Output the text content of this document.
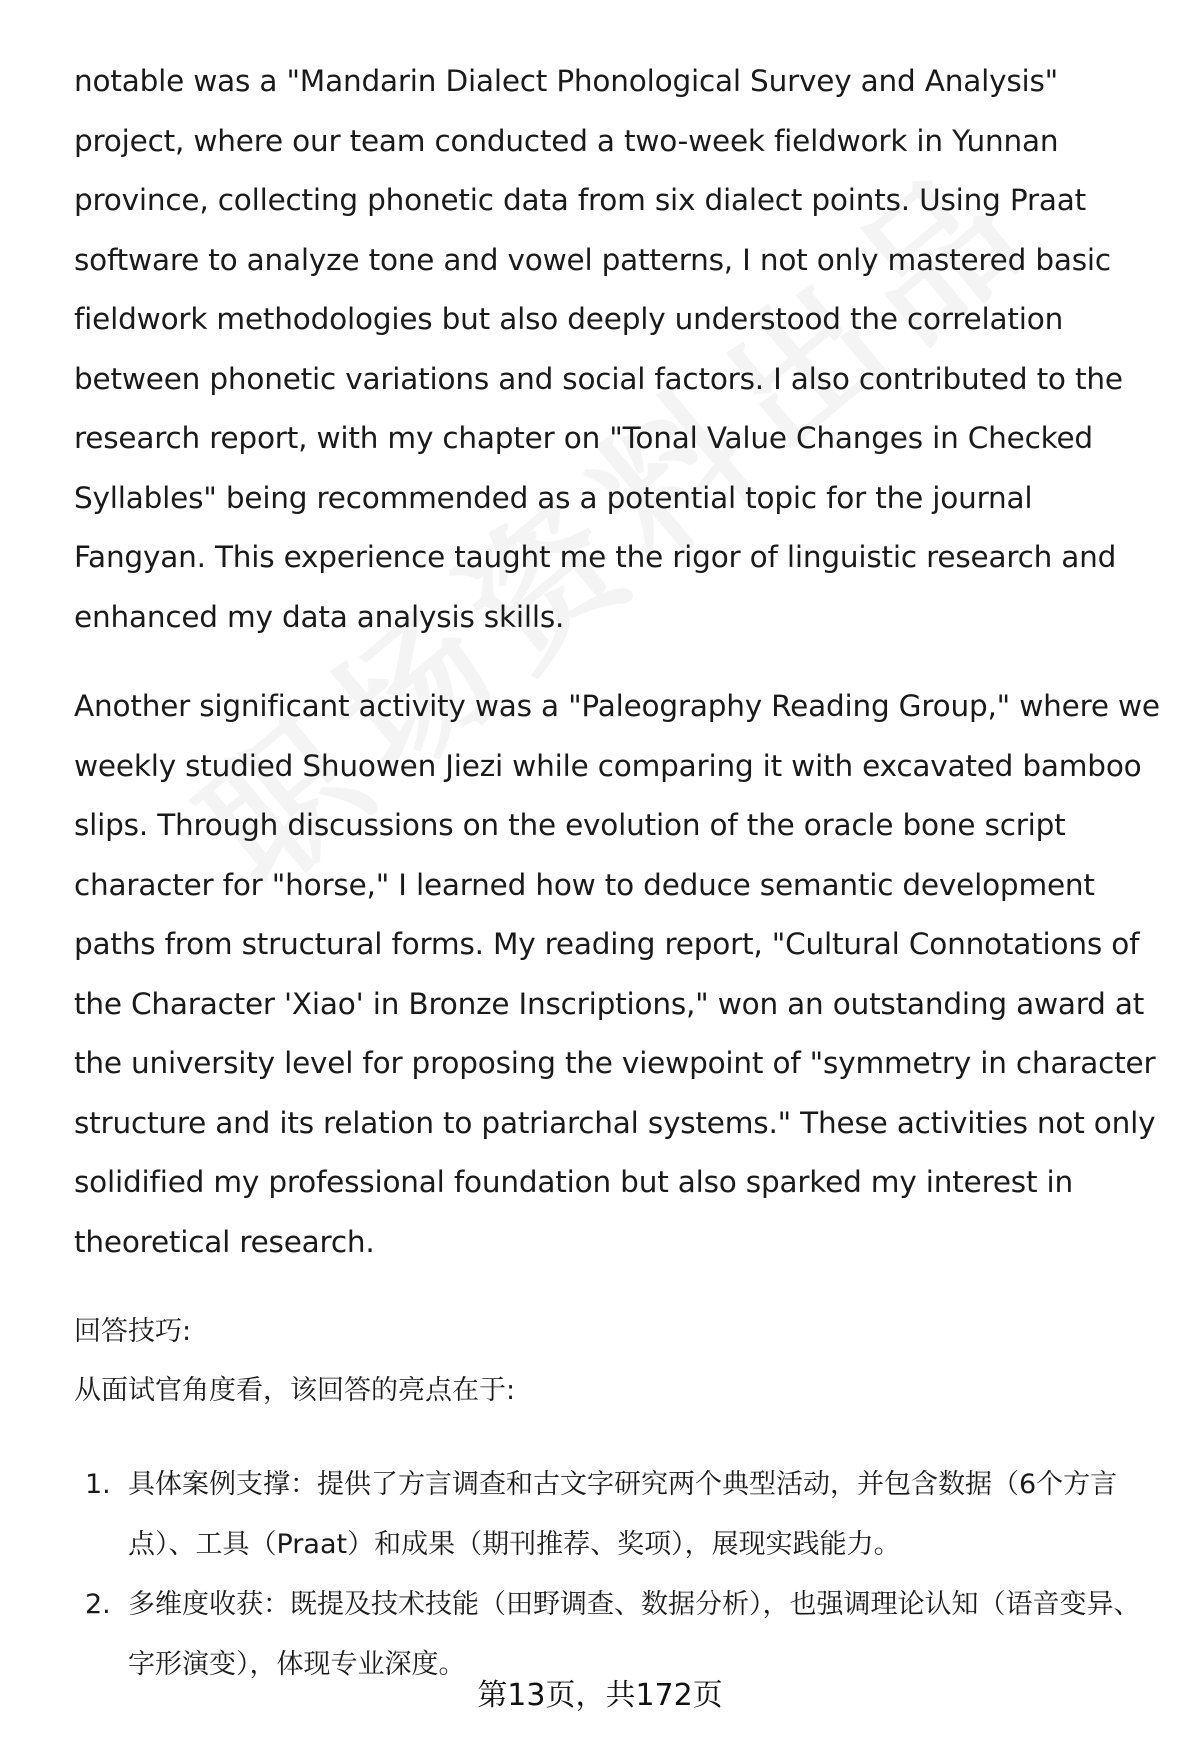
notable was a "Mandarin Dialect Phonological Survey and Analysis" project, where our team conducted a two-week fieldwork in Yunnan province, collecting phonetic data from six dialect points. Using Praat software to analyze tone and vowel patterns, I not only mastered basic fieldwork methodologies but also deeply understood the correlation between phonetic variations and social factors. I also contributed to the research report, with my chapter on "Tonal Value Changes in Checked Syllables" being recommended as a potential topic for the journal Fangyan. This experience taught me the rigor of linguistic research and enhanced my data analysis skills.

Another significant activity was a "Paleography Reading Group," where we weekly studied Shuowen Jiezi while comparing it with excavated bamboo slips. Through discussions on the evolution of the oracle bone script character for "horse," I learned how to deduce semantic development paths from structural forms. My reading report, "Cultural Connotations of the Character 'Xiao' in Bronze Inscriptions," won an outstanding award at the university level for proposing the viewpoint of "symmetry in character structure and its relation to patriarchal systems." These activities not only solidified my professional foundation but also sparked my interest in theoretical research.

回答技巧:
从面试官角度看，该回答的亮点在于:
1. 具体案例支撑：提供了方言调查和古文字研究两个典型活动，并包含数据（6个方言点）、工具（Praat）和成果（期刊推荐、奖项），展现实践能力。
2. 多维度收获：既提及技术技能（田野调查、数据分析），也强调理论认知（语音变异、字形演变），体现专业深度。
第13页，共172页
